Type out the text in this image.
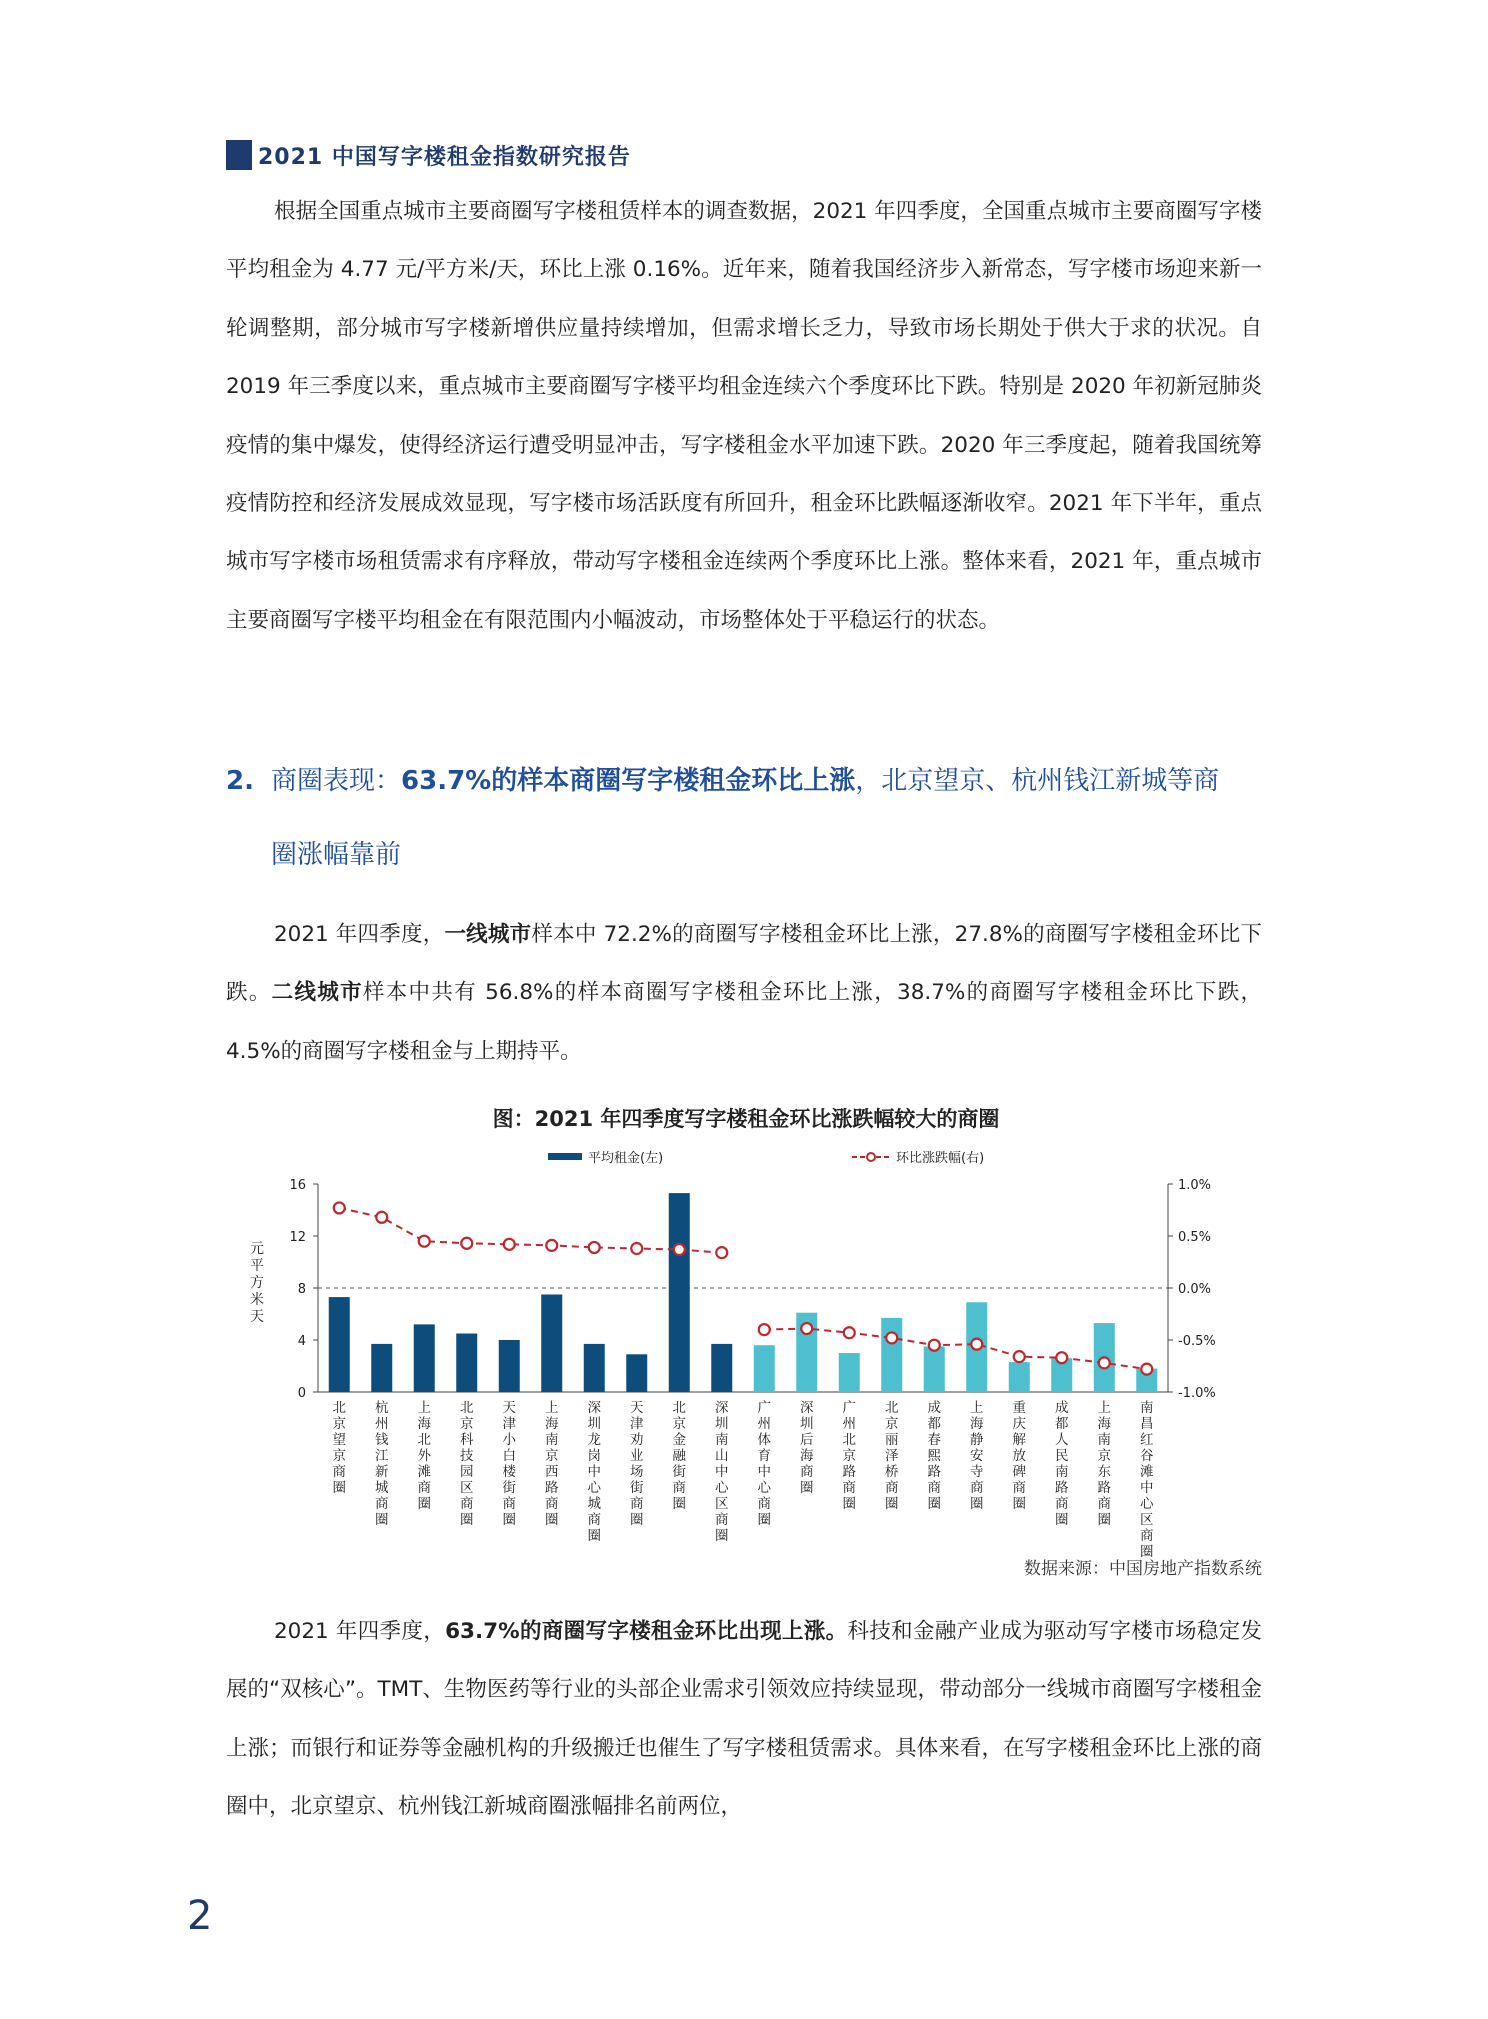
2021 中国写字楼租金指数研究报告

根据全国重点城市主要商圈写字楼租赁样本的调查数据，2021 年四季度，全国重点城市主要商圈写字楼平均租金为 4.77 元/平方米/天，环比上涨 0.16%。近年来，随着我国经济步入新常态，写字楼市场迎来新一轮调整期，部分城市写字楼新增供应量持续增加，但需求增长乏力，导致市场长期处于供大于求的状况。自 2019 年三季度以来，重点城市主要商圈写字楼平均租金连续六个季度环比下跌。特别是 2020 年初新冠肺炎疫情的集中爆发，使得经济运行遭受明显冲击，写字楼租金水平加速下跌。2020 年三季度起，随着我国统筹疫情防控和经济发展成效显现，写字楼市场活跃度有所回升，租金环比跌幅逐渐收窄。2021 年下半年，重点城市写字楼市场租赁需求有序释放，带动写字楼租金连续两个季度环比上涨。整体来看，2021 年，重点城市主要商圈写字楼平均租金在有限范围内小幅波动，市场整体处于平稳运行的状态。

2. 商圈表现：63.7%的样本商圈写字楼租金环比上涨，北京望京、杭州钱江新城等商
圈涨幅靠前

2021 年四季度，一线城市样本中 72.2%的商圈写字楼租金环比上涨，27.8%的商圈写字楼租金环比下跌。二线城市样本中共有 56.8%的样本商圈写字楼租金环比上涨，38.7%的商圈写字楼租金环比下跌，4.5%的商圈写字楼租金与上期持平。

图：2021 年四季度写字楼租金环比涨跌幅较大的商圈
平均租金(左)	环比涨跌幅(右)
0
4
8
12
16
-1.0%
-0.5%
0.0%
0.5%
1.0%
元
平
方
米
天
北
京
望
京
商
圈
杭
州
钱
江
新
城
商
圈
上
海
北
外
滩
商
圈
北
京
科
技
园
区
商
圈
天
津
小
白
楼
街
商
圈
上
海
南
京
西
路
商
圈
深
圳
龙
岗
中
心
城
商
圈
天
津
劝
业
场
街
商
圈
北
京
金
融
街
商
圈
深
圳
南
山
中
心
区
商
圈
广
州
体
育
中
心
商
圈
深
圳
后
海
商
圈
广
州
北
京
路
商
圈
北
京
丽
泽
桥
商
圈
成
都
春
熙
路
商
圈
上
海
静
安
寺
商
圈
重
庆
解
放
碑
商
圈
成
都
人
民
南
路
商
圈
上
海
南
京
东
路
商
圈
南
昌
红
谷
滩
中
心
区
商
圈
数据来源：中国房地产指数系统

2021 年四季度，63.7%的商圈写字楼租金环比出现上涨。科技和金融产业成为驱动写字楼市场稳定发展的“双核心”。TMT、生物医药等行业的头部企业需求引领效应持续显现，带动部分一线城市商圈写字楼租金上涨；而银行和证券等金融机构的升级搬迁也催生了写字楼租赁需求。具体来看，在写字楼租金环比上涨的商圈中，北京望京、杭州钱江新城商圈涨幅排名前两位，

2
